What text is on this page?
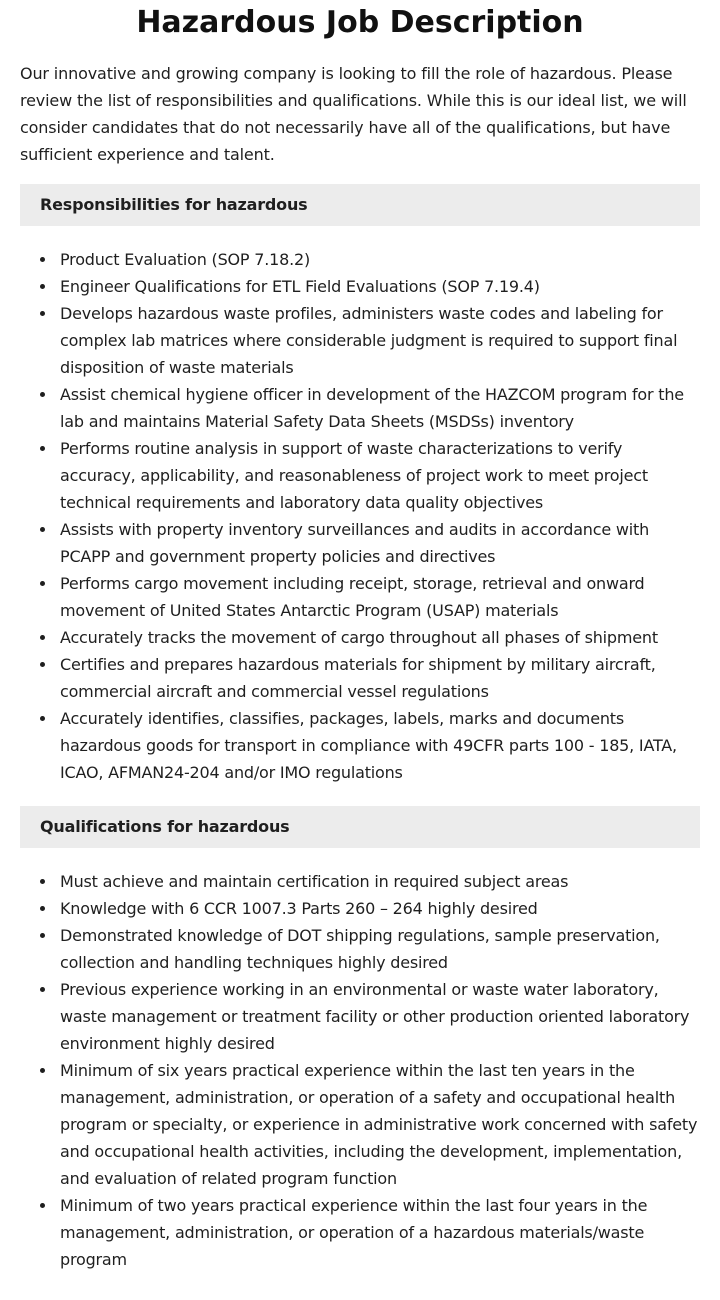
Hazardous Job Description

Our innovative and growing company is looking to fill the role of hazardous. Please review the list of responsibilities and qualifications. While this is our ideal list, we will consider candidates that do not necessarily have all of the qualifications, but have sufficient experience and talent.

Responsibilities for hazardous
Product Evaluation (SOP 7.18.2)
Engineer Qualifications for ETL Field Evaluations (SOP 7.19.4)
Develops hazardous waste profiles, administers waste codes and labeling for complex lab matrices where considerable judgment is required to support final disposition of waste materials
Assist chemical hygiene officer in development of the HAZCOM program for the lab and maintains Material Safety Data Sheets (MSDSs) inventory
Performs routine analysis in support of waste characterizations to verify accuracy, applicability, and reasonableness of project work to meet project technical requirements and laboratory data quality objectives
Assists with property inventory surveillances and audits in accordance with PCAPP and government property policies and directives
Performs cargo movement including receipt, storage, retrieval and onward movement of United States Antarctic Program (USAP) materials
Accurately tracks the movement of cargo throughout all phases of shipment
Certifies and prepares hazardous materials for shipment by military aircraft, commercial aircraft and commercial vessel regulations
Accurately identifies, classifies, packages, labels, marks and documents hazardous goods for transport in compliance with 49CFR parts 100 - 185, IATA, ICAO, AFMAN24-204 and/or IMO regulations
Qualifications for hazardous
Must achieve and maintain certification in required subject areas
Knowledge with 6 CCR 1007.3 Parts 260 – 264 highly desired
Demonstrated knowledge of DOT shipping regulations, sample preservation, collection and handling techniques highly desired
Previous experience working in an environmental or waste water laboratory, waste management or treatment facility or other production oriented laboratory environment highly desired
Minimum of six years practical experience within the last ten years in the management, administration, or operation of a safety and occupational health program or specialty, or experience in administrative work concerned with safety and occupational health activities, including the development, implementation, and evaluation of related program function
Minimum of two years practical experience within the last four years in the management, administration, or operation of a hazardous materials/waste program
